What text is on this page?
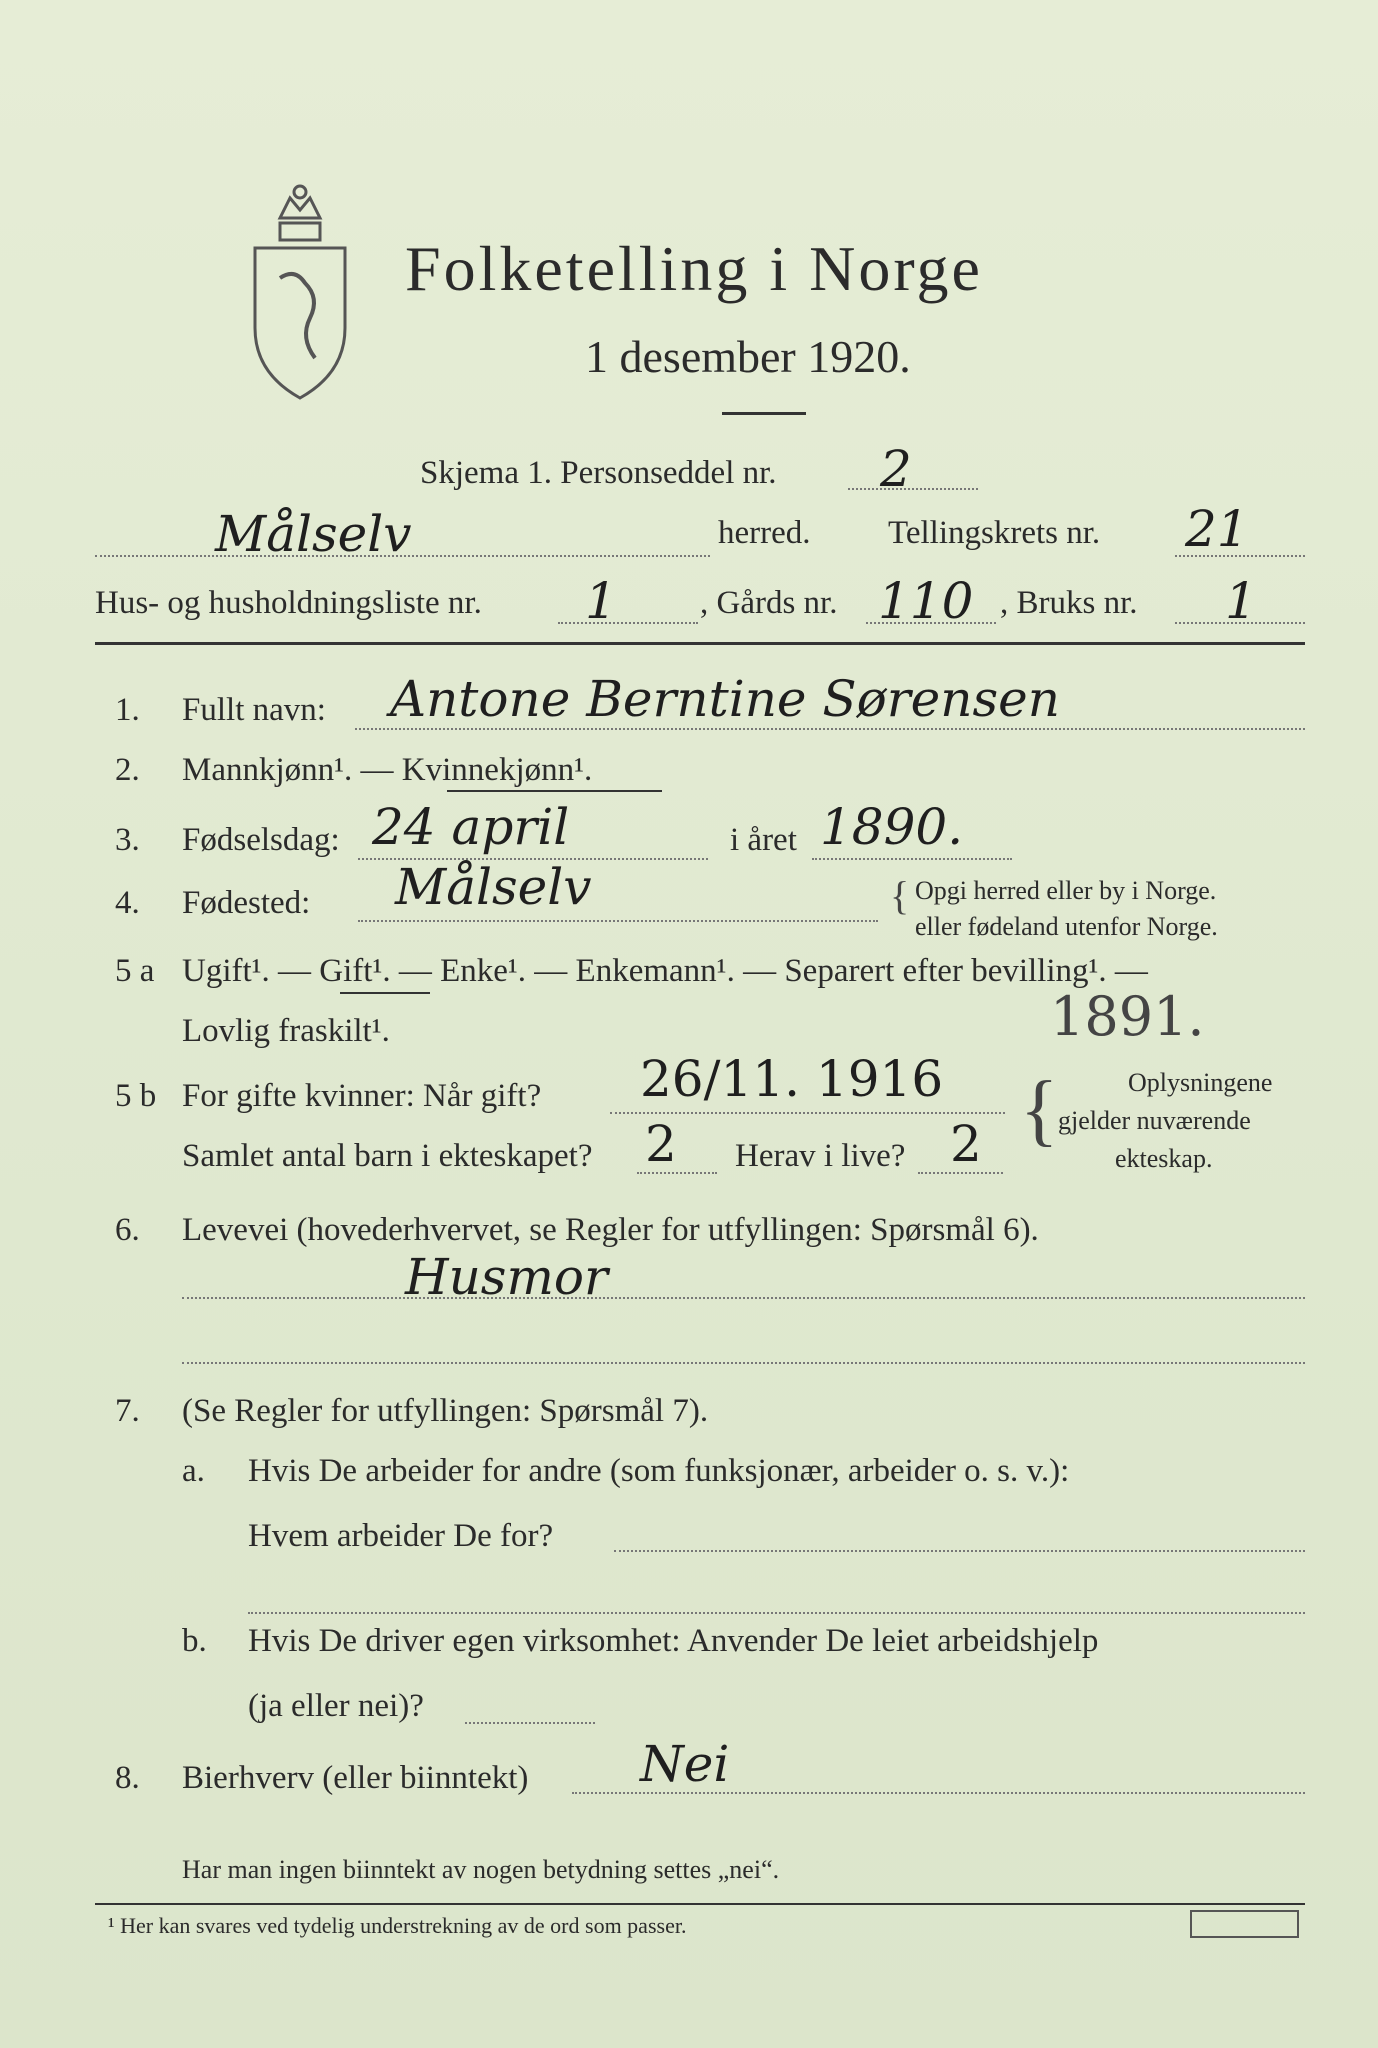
Folketelling i Norge
1 desember 1920.
Skjema 1. Personseddel nr. 2
Målselv	herred. Tellingskrets nr. 21
Hus- og husholdningsliste nr. 1	, Gårds nr. 110 , Bruks nr. 1
1. Fullt navn: Antone Berntine Sørensen
2. Mannkjønn¹. — Kvinnekjønn¹.
3. Fødselsdag: 24 april	i året 1890.
4. Fødested: Målselv	{ Opgi herred eller by i Norge.
eller fødeland utenfor Norge.
5 a Ugift¹. — Gift¹. — Enke¹. — Enkemann¹. — Separert efter bevilling¹. —
Lovlig fraskilt¹.	1891.
5 b For gifte kvinner: Når gift? 26/11. 1916
Samlet antal barn i ekteskapet? 2 Herav i live? 2 {	Oplysningene
gjelder nuværende
ekteskap.
6. Levevei (hovederhvervet, se Regler for utfyllingen: Spørsmål 6).
Husmor
7. (Se Regler for utfyllingen: Spørsmål 7).
a. Hvis De arbeider for andre (som funksjonær, arbeider o. s. v.):
Hvem arbeider De for?
b. Hvis De driver egen virksomhet: Anvender De leiet arbeidshjelp
(ja eller nei)?
8. Bierhverv (eller biinntekt) Nei
Har man ingen biinntekt av nogen betydning settes „nei“.
¹ Her kan svares ved tydelig understrekning av de ord som passer.
